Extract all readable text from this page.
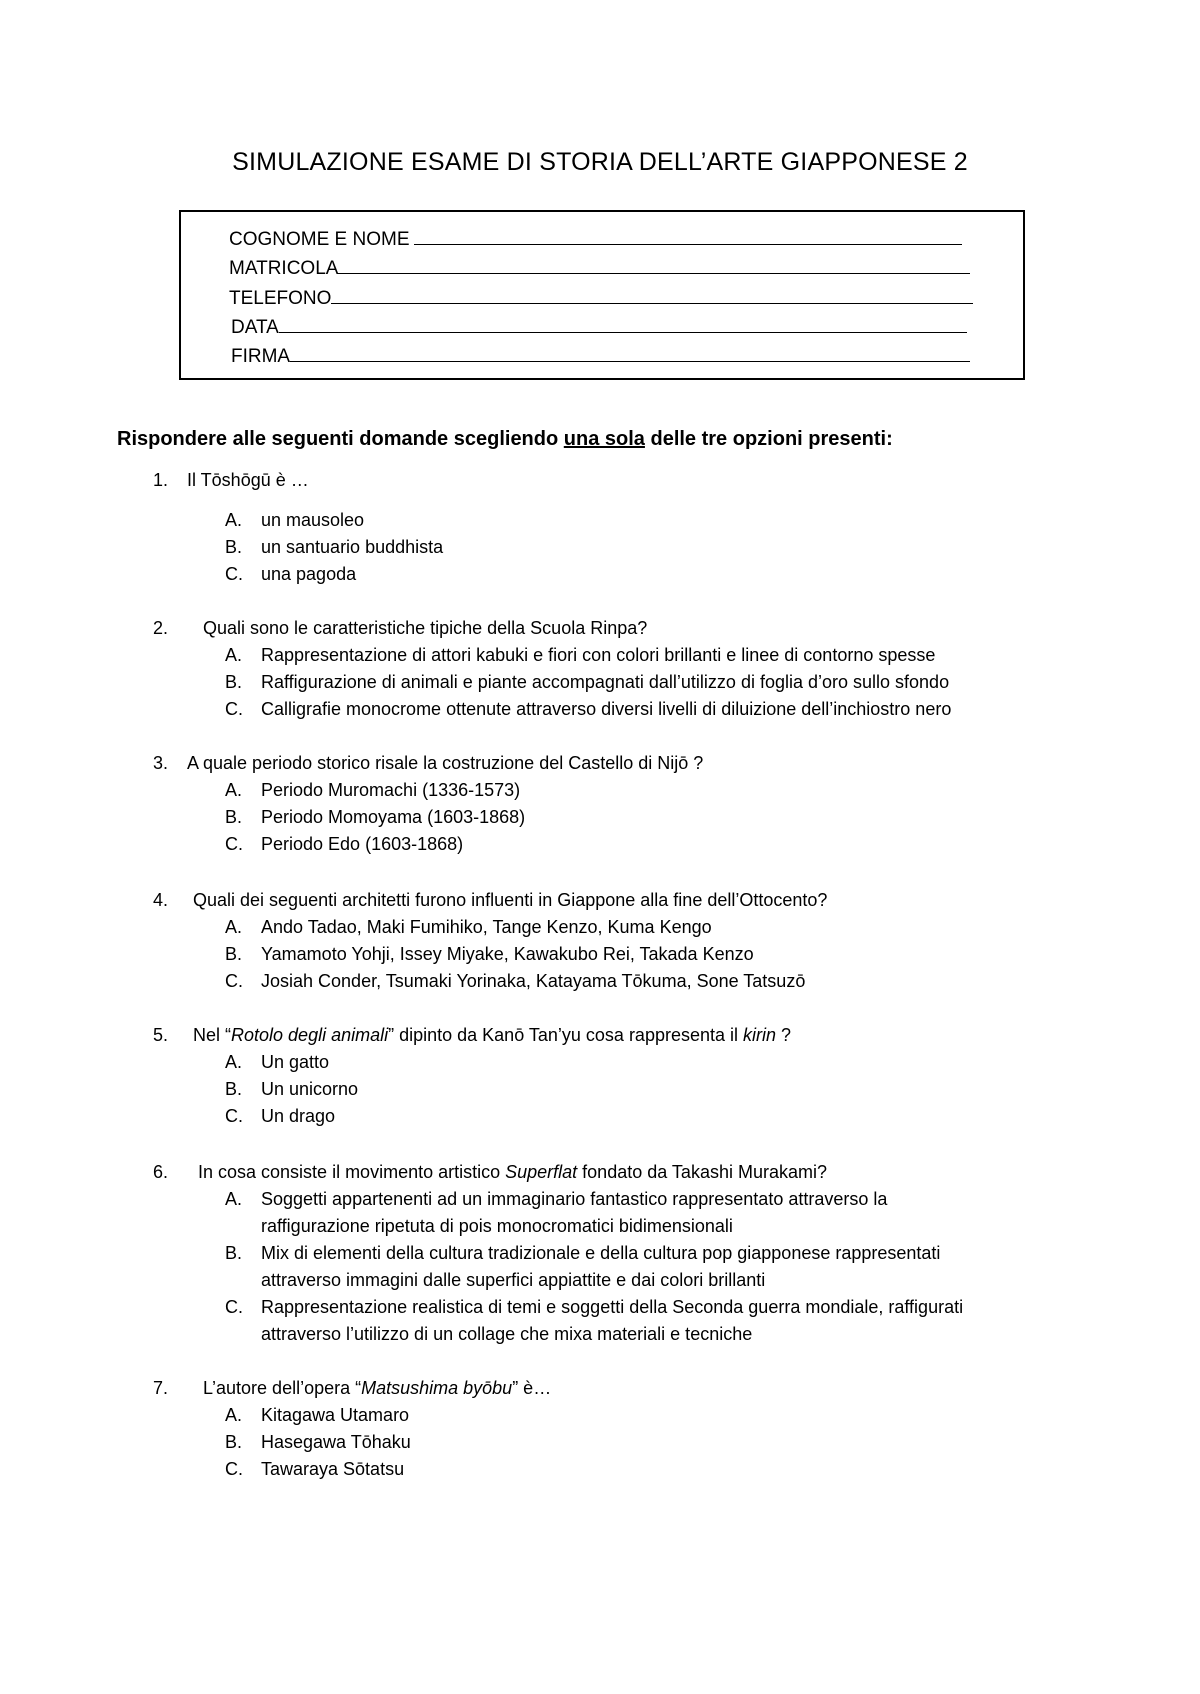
SIMULAZIONE ESAME DI STORIA DELL’ARTE GIAPPONESE 2
COGNOME E NOME
MATRICOLA
TELEFONO
DATA
FIRMA
Rispondere alle seguenti domande scegliendo una sola delle tre opzioni presenti:
1. Il Tōshōgū è …
A. un mausoleo
B. un santuario buddhista
C. una pagoda
2. Quali sono le caratteristiche tipiche della Scuola Rinpa?
A. Rappresentazione di attori kabuki e fiori con colori brillanti e linee di contorno spesse
B. Raffigurazione di animali e piante accompagnati dall’utilizzo di foglia d’oro sullo sfondo
C. Calligrafie monocrome ottenute attraverso diversi livelli di diluizione dell’inchiostro nero
3. A quale periodo storico risale la costruzione del Castello di Nijō ?
A. Periodo Muromachi (1336-1573)
B. Periodo Momoyama (1603-1868)
C. Periodo Edo (1603-1868)
4. Quali dei seguenti architetti furono influenti in Giappone alla fine dell’Ottocento?
A. Ando Tadao, Maki Fumihiko, Tange Kenzo, Kuma Kengo
B. Yamamoto Yohji, Issey Miyake, Kawakubo Rei, Takada Kenzo
C. Josiah Conder, Tsumaki Yorinaka, Katayama Tōkuma, Sone Tatsuzō
5. Nel “Rotolo degli animali” dipinto da Kanō Tan’yu cosa rappresenta il kirin ?
A. Un gatto
B. Un unicorno
C. Un drago
6. In cosa consiste il movimento artistico Superflat fondato da Takashi Murakami?
A. Soggetti appartenenti ad un immaginario fantastico rappresentato attraverso la
raffigurazione ripetuta di pois monocromatici bidimensionali
B. Mix di elementi della cultura tradizionale e della cultura pop giapponese rappresentati
attraverso immagini dalle superfici appiattite e dai colori brillanti
C. Rappresentazione realistica di temi e soggetti della Seconda guerra mondiale, raffigurati
attraverso l’utilizzo di un collage che mixa materiali e tecniche
7. L’autore dell’opera “Matsushima byōbu” è…
A. Kitagawa Utamaro
B. Hasegawa Tōhaku
C. Tawaraya Sōtatsu
